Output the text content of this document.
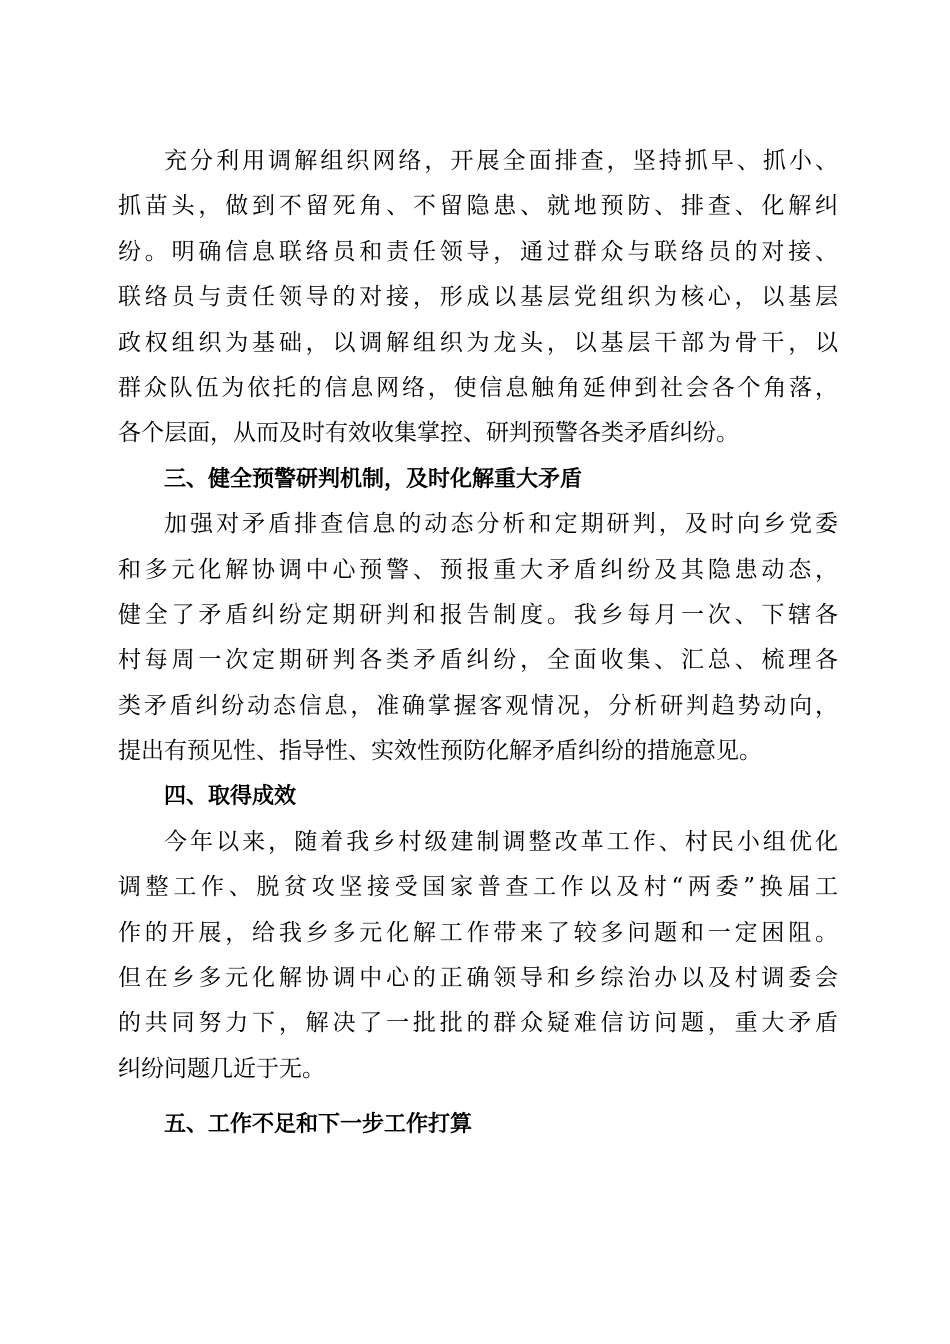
充分利用调解组织网络，开展全面排查，坚持抓早、抓小、
抓苗头，做到不留死角、不留隐患、就地预防、排查、化解纠
纷。明确信息联络员和责任领导，通过群众与联络员的对接、
联络员与责任领导的对接，形成以基层党组织为核心，以基层
政权组织为基础，以调解组织为龙头，以基层干部为骨干，以
群众队伍为依托的信息网络，使信息触角延伸到社会各个角落，
各个层面，从而及时有效收集掌控、研判预警各类矛盾纠纷。
三、健全预警研判机制，及时化解重大矛盾
加强对矛盾排查信息的动态分析和定期研判，及时向乡党委
和多元化解协调中心预警、预报重大矛盾纠纷及其隐患动态，
健全了矛盾纠纷定期研判和报告制度。我乡每月一次、下辖各
村每周一次定期研判各类矛盾纠纷，全面收集、汇总、梳理各
类矛盾纠纷动态信息，准确掌握客观情况，分析研判趋势动向，
提出有预见性、指导性、实效性预防化解矛盾纠纷的措施意见。
四、取得成效
今年以来，随着我乡村级建制调整改革工作、村民小组优化
调整工作、脱贫攻坚接受国家普查工作以及村“两委”换届工
作的开展，给我乡多元化解工作带来了较多问题和一定困阻。
但在乡多元化解协调中心的正确领导和乡综治办以及村调委会
的共同努力下，解决了一批批的群众疑难信访问题，重大矛盾
纠纷问题几近于无。
五、工作不足和下一步工作打算
